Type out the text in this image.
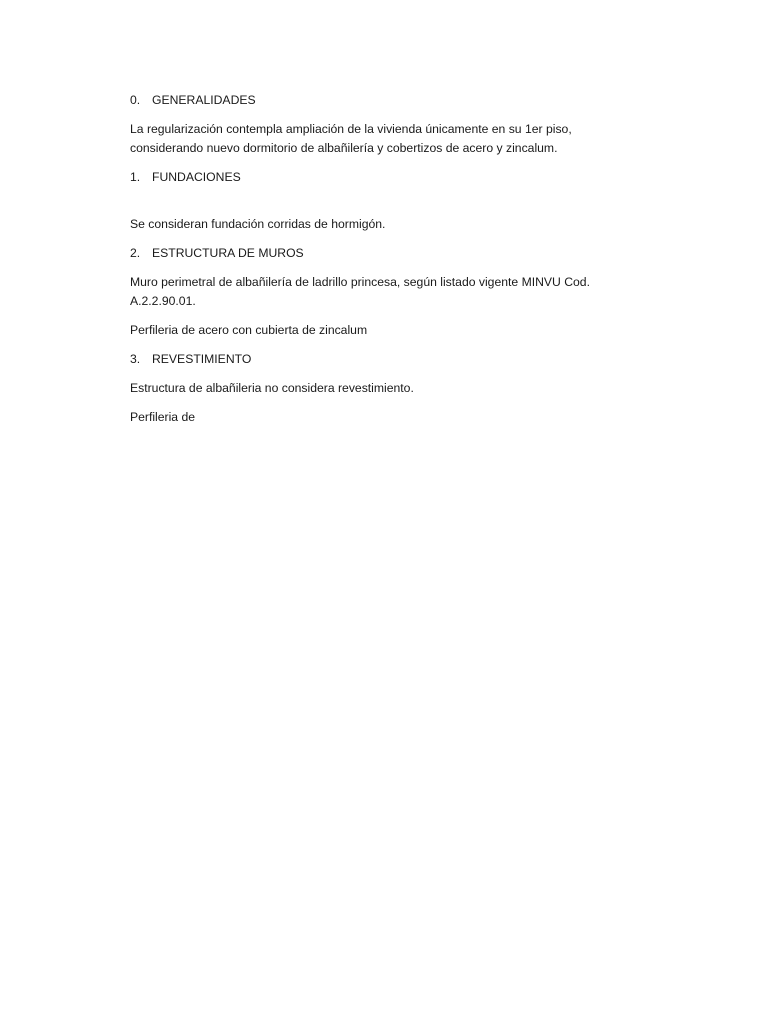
0. GENERALIDADES

La regularización contempla ampliación de la vivienda únicamente en su 1er piso, considerando nuevo dormitorio de albañilería y cobertizos de acero y zincalum.

1. FUNDACIONES

Se consideran fundación corridas de hormigón.

2. ESTRUCTURA DE MUROS

Muro perimetral de albañilería de ladrillo princesa, según listado vigente MINVU Cod. A.2.2.90.01.

Perfileria de acero con cubierta de zincalum

3. REVESTIMIENTO

Estructura de albañileria no considera revestimiento.

Perfileria de
